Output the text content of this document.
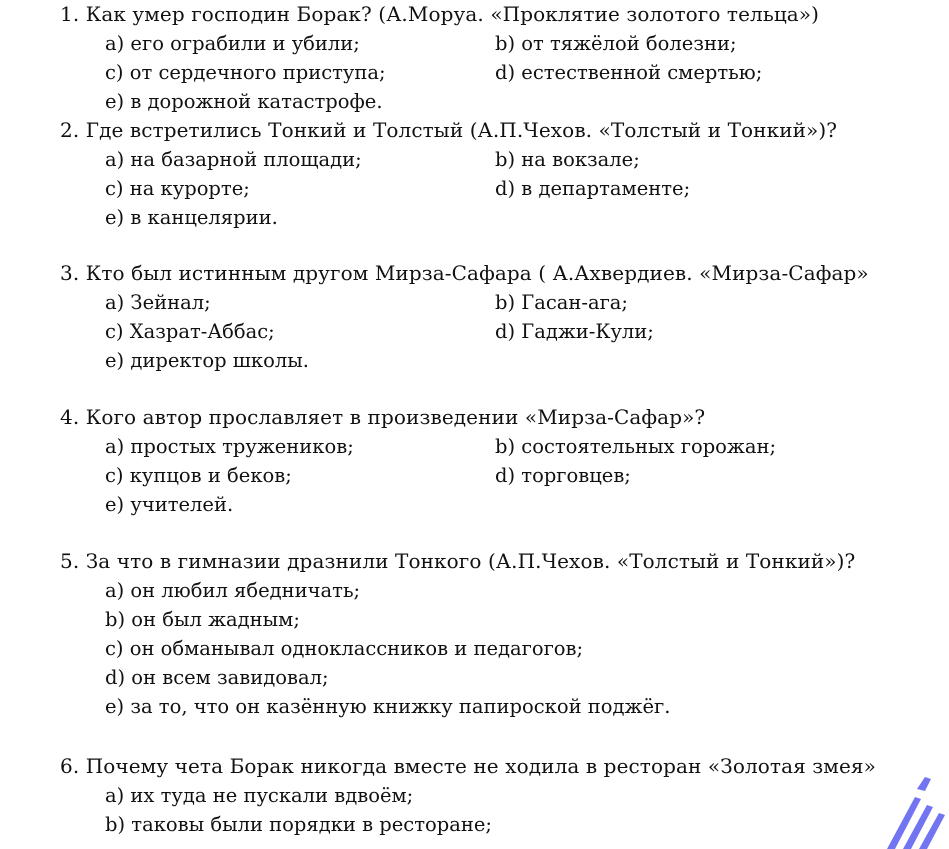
1. Как умер господин Борак? (А.Моруа. «Проклятие золотого тельца»)
a) его ограбили и убили;	b) от тяжёлой болезни;
c) от сердечного приступа;	d) естественной смертью;
e) в дорожной катастрофе.
2. Где встретились Тонкий и Толстый (А.П.Чехов. «Толстый и Тонкий»)?
a) на базарной площади;	b) на вокзале;
c) на курорте;	d) в департаменте;
e) в канцелярии.
3. Кто был истинным другом Мирза-Сафара ( А.Ахвердиев. «Мирза-Сафар»
a) Зейнал;	b) Гасан-ага;
c) Хазрат-Аббас;	d) Гаджи-Кули;
e) директор школы.
4. Кого автор прославляет в произведении «Мирза-Сафар»?
a) простых тружеников;	b) состоятельных горожан;
c) купцов и беков;	d) торговцев;
e) учителей.
5. За что в гимназии дразнили Тонкого (А.П.Чехов. «Толстый и Тонкий»)?
a) он любил ябедничать;
b) он был жадным;
c) он обманывал одноклассников и педагогов;
d) он всем завидовал;
e) за то, что он казённую книжку папироской поджёг.
6. Почему чета Борак никогда вместе не ходила в ресторан «Золотая змея»
a) их туда не пускали вдвоём;
b) таковы были порядки в ресторане;
